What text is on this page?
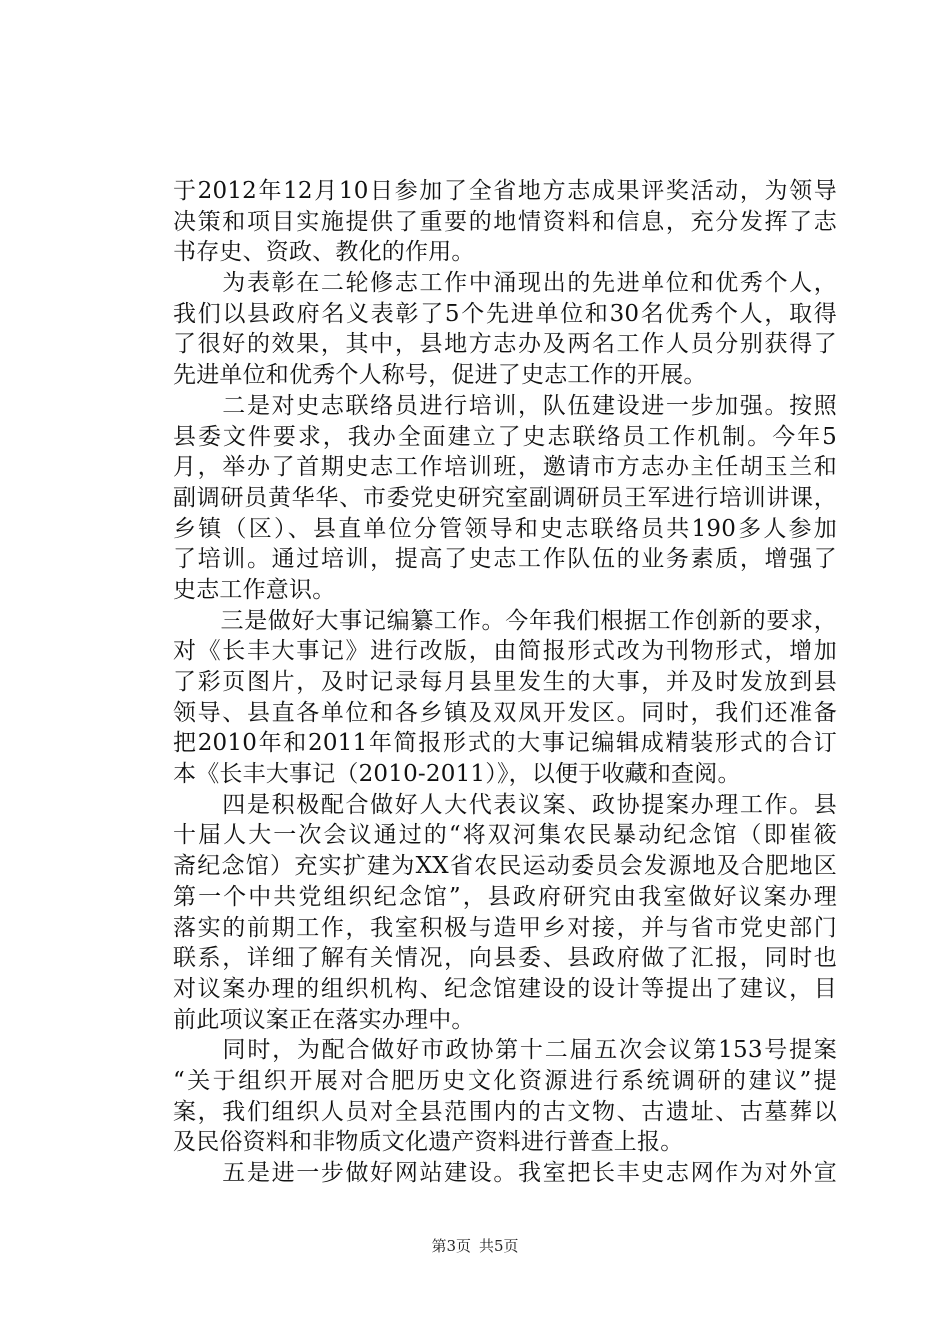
于2012年12月10日参加了全省地方志成果评奖活动，为领导
决策和项目实施提供了重要的地情资料和信息，充分发挥了志
书存史、资政、教化的作用。
　　为表彰在二轮修志工作中涌现出的先进单位和优秀个人，
我们以县政府名义表彰了5个先进单位和30名优秀个人，取得
了很好的效果，其中，县地方志办及两名工作人员分别获得了
先进单位和优秀个人称号，促进了史志工作的开展。
　　二是对史志联络员进行培训，队伍建设进一步加强。按照
县委文件要求，我办全面建立了史志联络员工作机制。今年5
月，举办了首期史志工作培训班，邀请市方志办主任胡玉兰和
副调研员黄华华、市委党史研究室副调研员王军进行培训讲课，
乡镇（区）、县直单位分管领导和史志联络员共190多人参加
了培训。通过培训，提高了史志工作队伍的业务素质，增强了
史志工作意识。
　　三是做好大事记编纂工作。今年我们根据工作创新的要求，
对《长丰大事记》进行改版，由简报形式改为刊物形式，增加
了彩页图片，及时记录每月县里发生的大事，并及时发放到县
领导、县直各单位和各乡镇及双凤开发区。同时，我们还准备
把2010年和2011年简报形式的大事记编辑成精装形式的合订
本《长丰大事记（2010-2011）》，以便于收藏和查阅。
　　四是积极配合做好人大代表议案、政协提案办理工作。县
十届人大一次会议通过的“将双河集农民暴动纪念馆（即崔筱
斋纪念馆）充实扩建为XX省农民运动委员会发源地及合肥地区
第一个中共党组织纪念馆”，县政府研究由我室做好议案办理
落实的前期工作，我室积极与造甲乡对接，并与省市党史部门
联系，详细了解有关情况，向县委、县政府做了汇报，同时也
对议案办理的组织机构、纪念馆建设的设计等提出了建议，目
前此项议案正在落实办理中。
　　同时，为配合做好市政协第十二届五次会议第153号提案
“关于组织开展对合肥历史文化资源进行系统调研的建议”提
案，我们组织人员对全县范围内的古文物、古遗址、古墓葬以
及民俗资料和非物质文化遗产资料进行普查上报。
　　五是进一步做好网站建设。我室把长丰史志网作为对外宣
第3页 共5页
